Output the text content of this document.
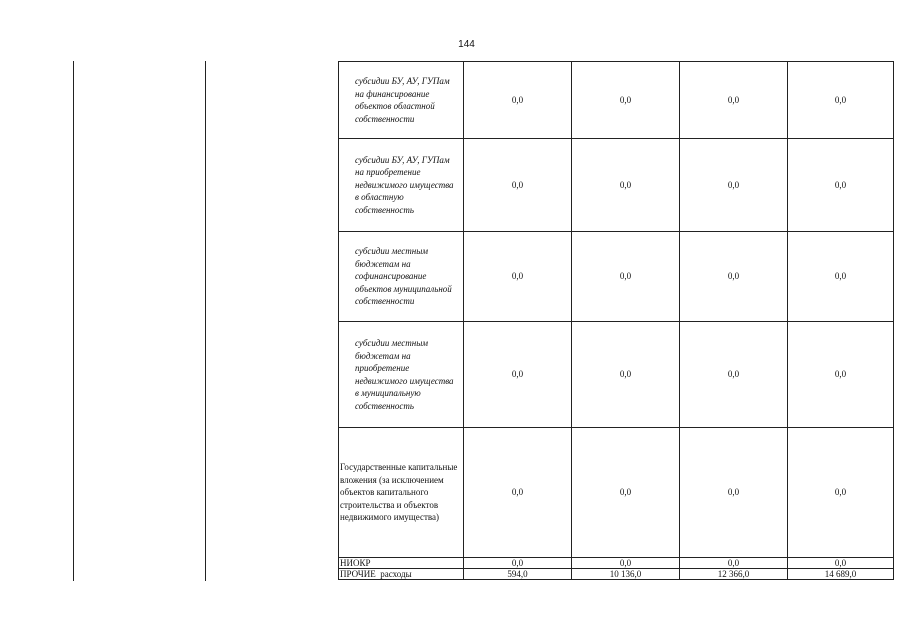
144
субсидии БУ, АУ, ГУПам на финансирование объектов областной собственности	0,0	0,0	0,0	0,0
субсидии БУ, АУ, ГУПам на приобретение недвижимого имущества в областную собственность	0,0	0,0	0,0	0,0
субсидии местным бюджетам на софинансирование объектов муниципальной собственности	0,0	0,0	0,0	0,0
субсидии местным бюджетам на приобретение недвижимого имущества в муниципальную собственность	0,0	0,0	0,0	0,0
Государственные капитальные вложения (за исключением объектов капитального строительства и объектов недвижимого имущества)	0,0	0,0	0,0	0,0
НИОКР	0,0	0,0	0,0	0,0
ПРОЧИЕ  расходы	594,0	10 136,0	12 366,0	14 689,0
